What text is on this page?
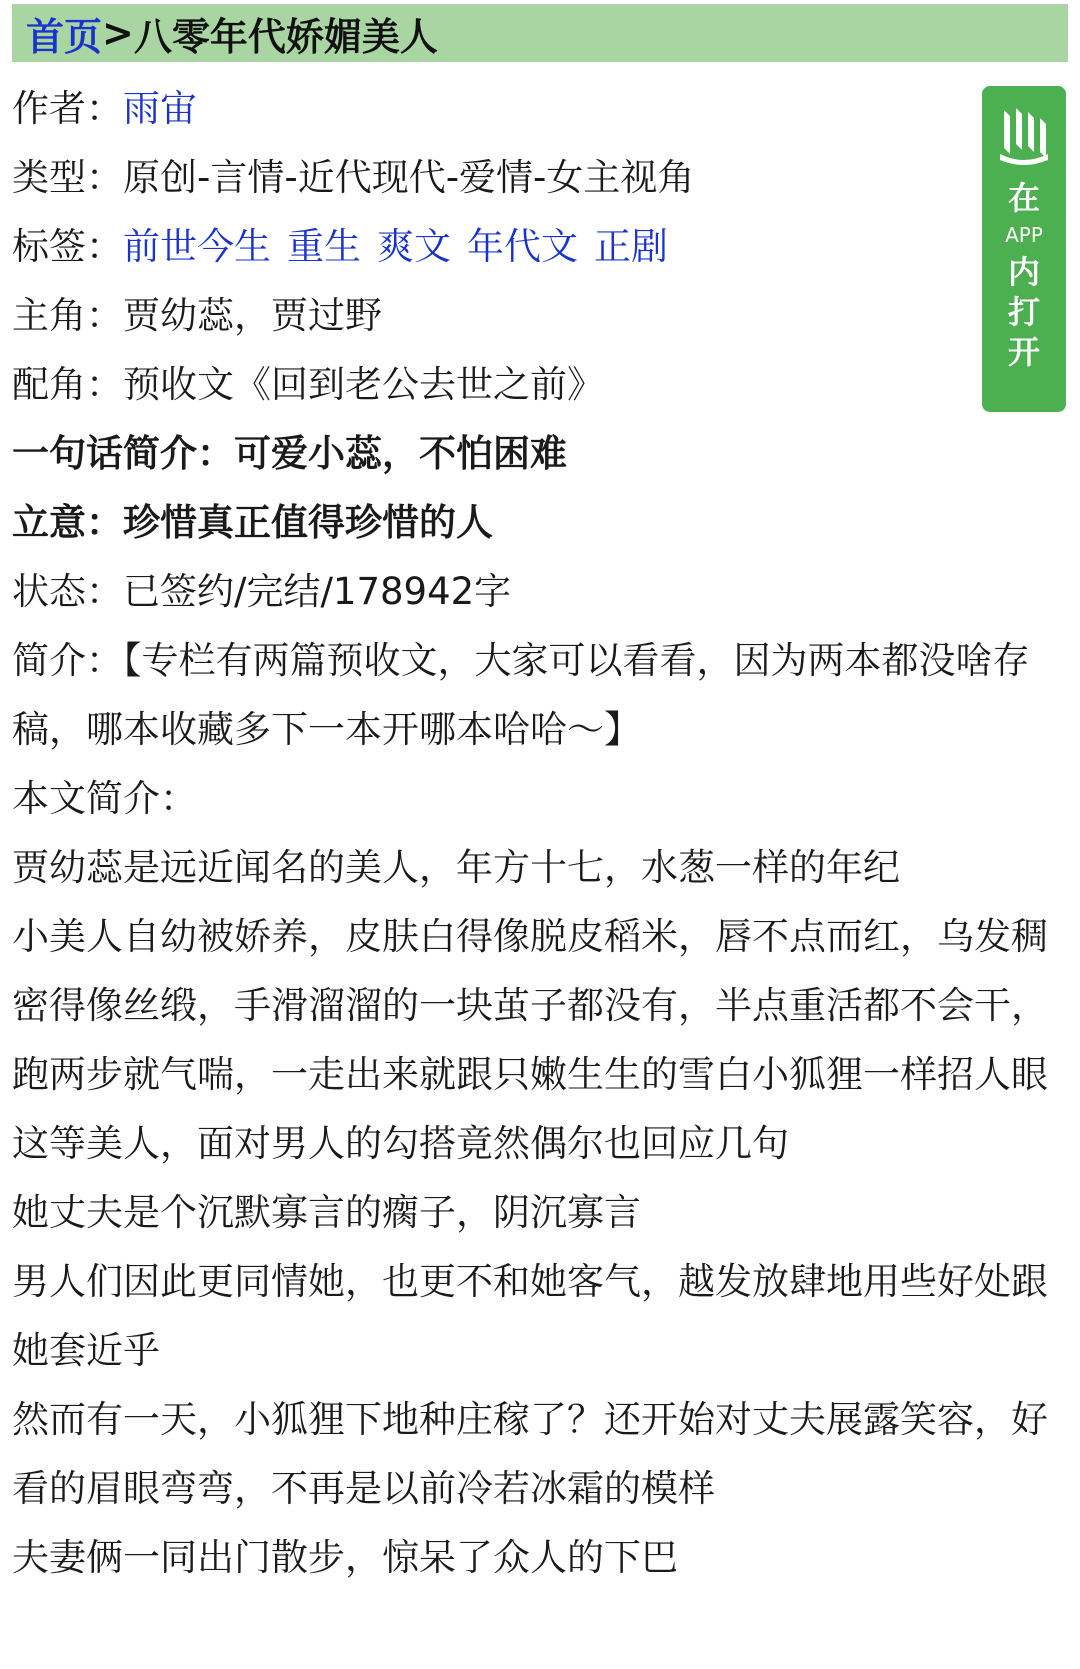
首页 > 八零年代娇媚美人
作者：雨宙
类型：原创-言情-近代现代-爱情-女主视角
标签：前世今生 重生 爽文 年代文 正剧
主角：贾幼蕊，贾过野
配角：预收文《回到老公去世之前》
一句话简介：可爱小蕊，不怕困难
立意：珍惜真正值得珍惜的人
状态：已签约/完结/178942字
简介：【专栏有两篇预收文，大家可以看看，因为两本都没啥存稿，哪本收藏多下一本开哪本哈哈～】
本文简介：

贾幼蕊是远近闻名的美人，年方十七，水葱一样的年纪

小美人自幼被娇养，皮肤白得像脱皮稻米，唇不点而红，乌发稠密得像丝缎，手滑溜溜的一块茧子都没有，半点重活都不会干，跑两步就气喘，一走出来就跟只嫩生生的雪白小狐狸一样招人眼

这等美人，面对男人的勾搭竟然偶尔也回应几句

她丈夫是个沉默寡言的瘸子，阴沉寡言

男人们因此更同情她，也更不和她客气，越发放肆地用些好处跟她套近乎

然而有一天，小狐狸下地种庄稼了？还开始对丈夫展露笑容，好看的眉眼弯弯，不再是以前冷若冰霜的模样

夫妻俩一同出门散步，惊呆了众人的下巴

在
APP
内
打
开
